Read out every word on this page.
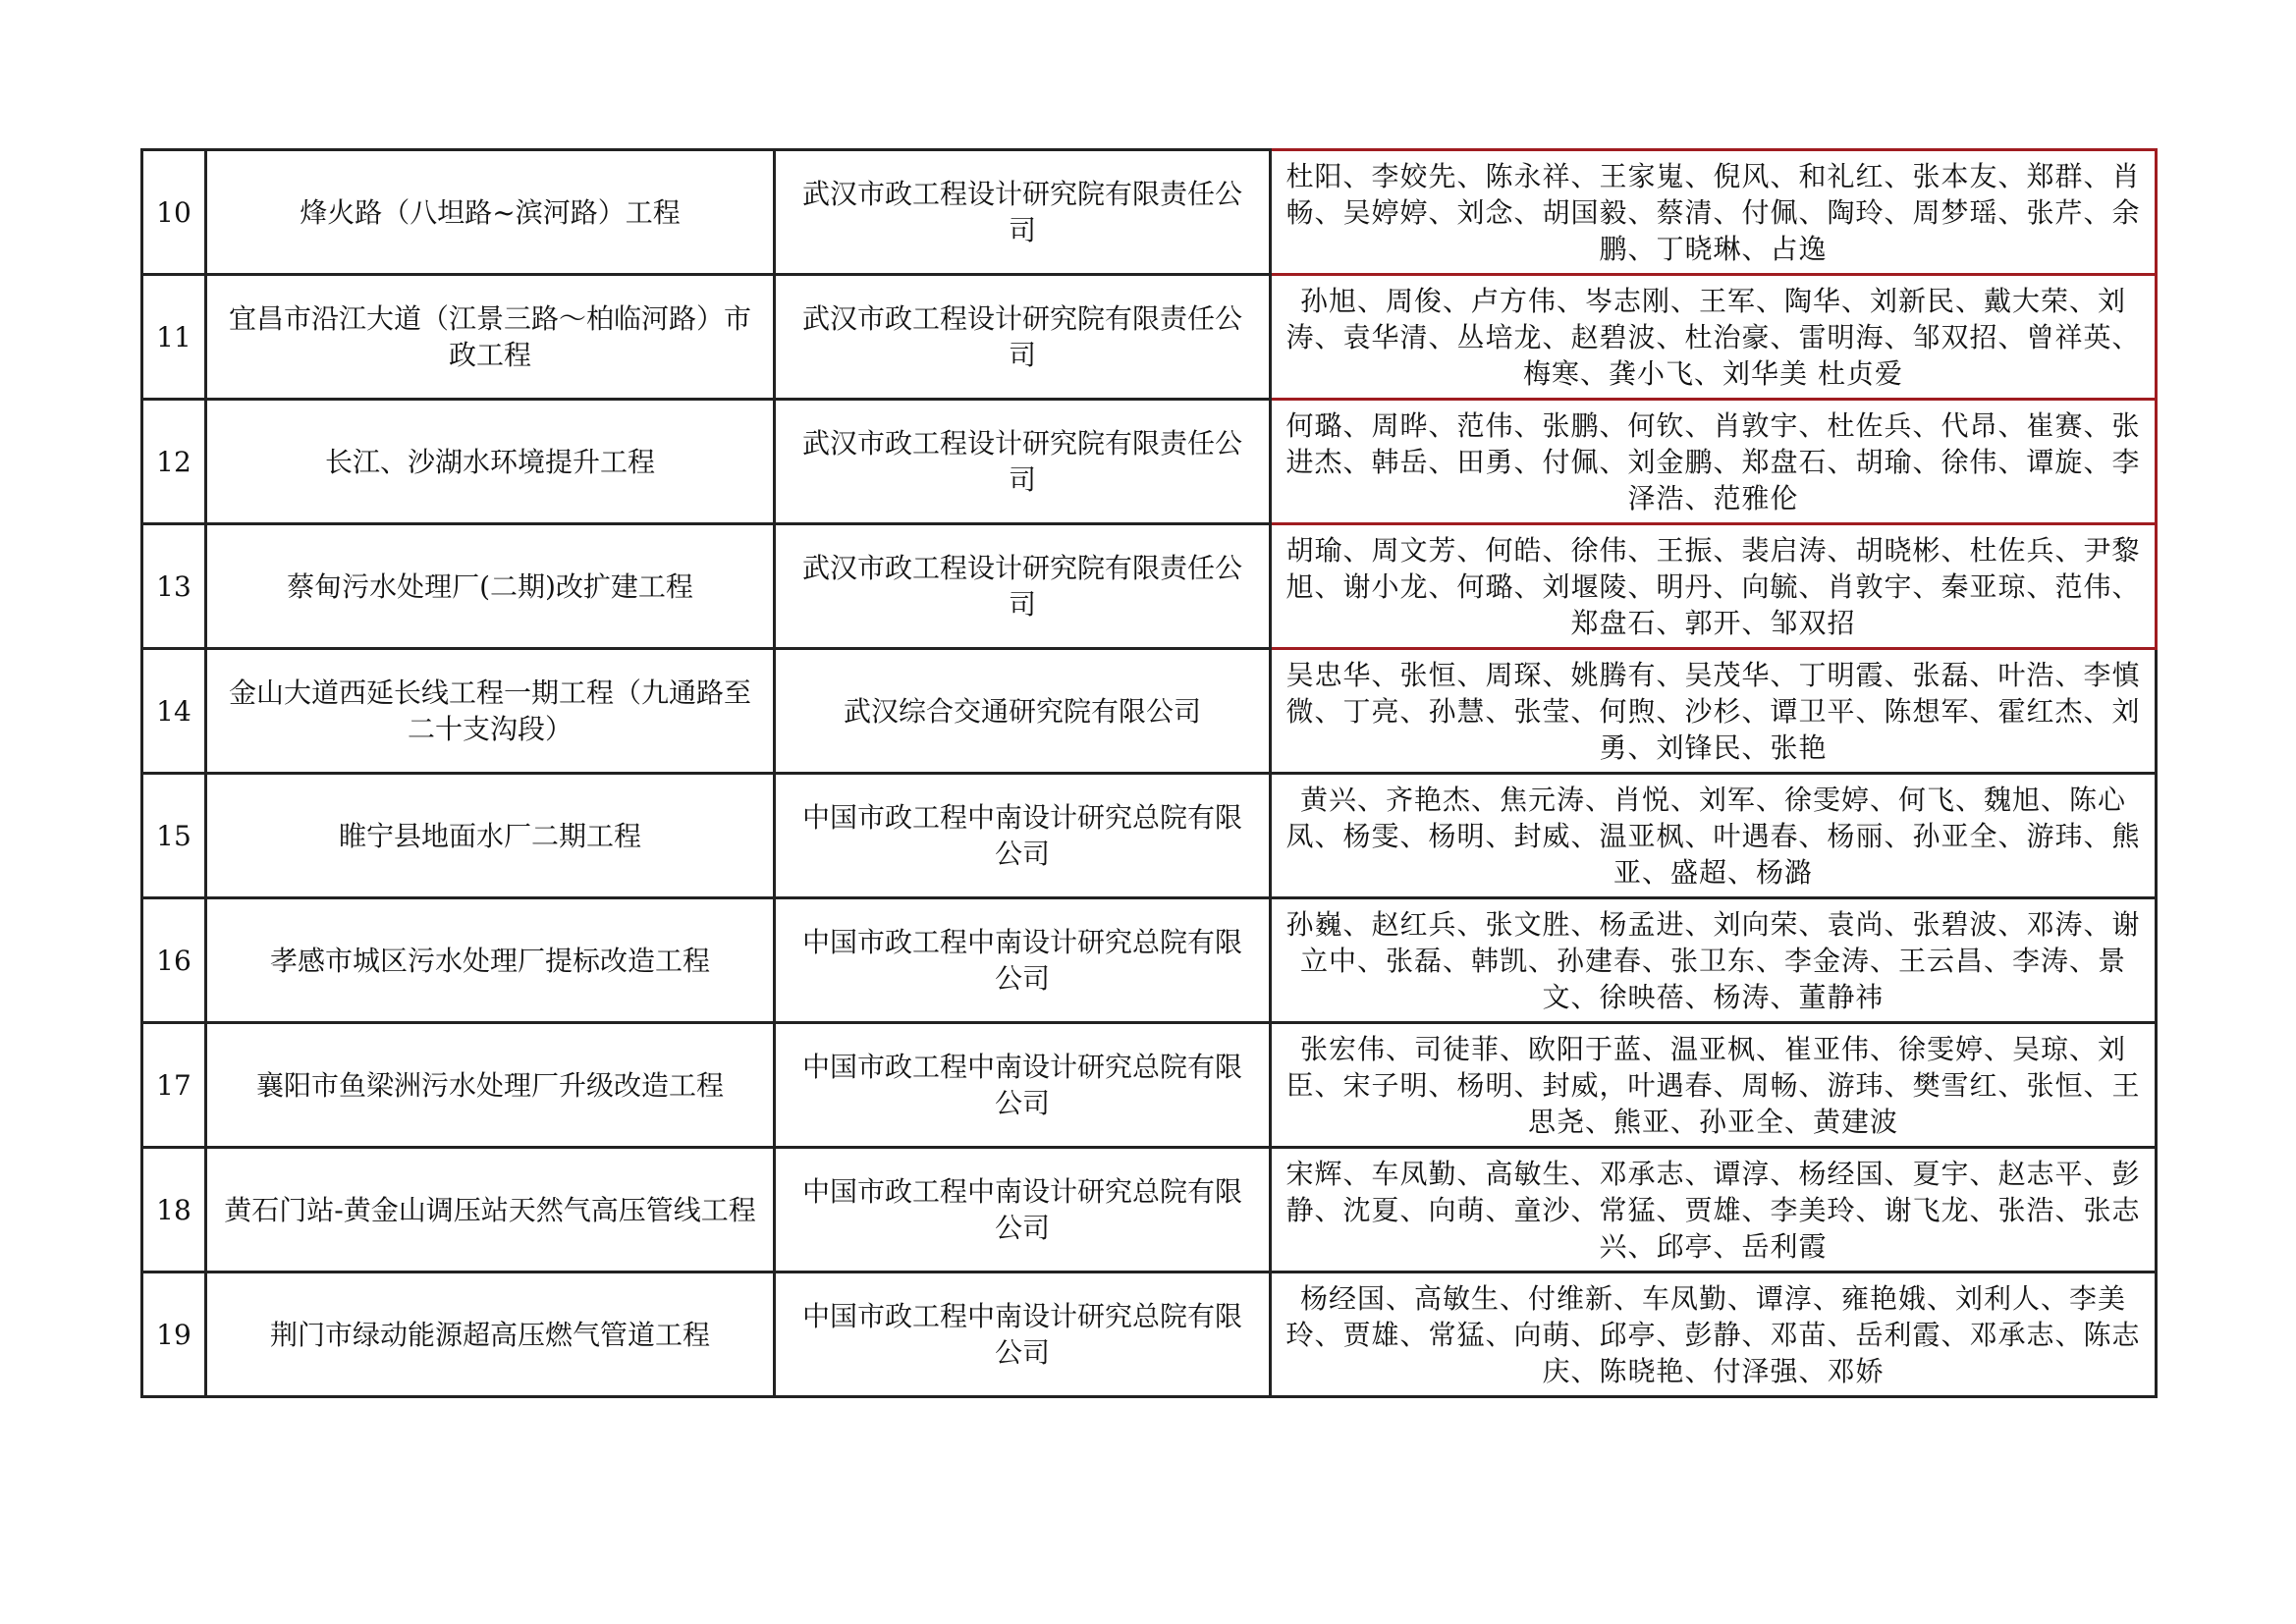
10	烽火路（八坦路~滨河路）工程	武汉市政工程设计研究院有限责任公司	杜阳、李姣先、陈永祥、王家嵬、倪风、和礼红、张本友、郑群、肖畅、吴婷婷、刘念、胡国毅、蔡清、付佩、陶玲、周梦瑶、张芹、余鹏、丁晓琳、占逸
11	宜昌市沿江大道（江景三路～柏临河路）市政工程	武汉市政工程设计研究院有限责任公司	孙旭、周俊、卢方伟、岑志刚、王军、陶华、刘新民、戴大荣、刘涛、袁华清、丛培龙、赵碧波、杜治豪、雷明海、邹双招、曾祥英、梅寒、龚小飞、刘华美 杜贞爱
12	长江、沙湖水环境提升工程	武汉市政工程设计研究院有限责任公司	何璐、周晔、范伟、张鹏、何钦、肖敦宇、杜佐兵、代昂、崔赛、张进杰、韩岳、田勇、付佩、刘金鹏、郑盘石、胡瑜、徐伟、谭旋、李泽浩、范雅伦
13	蔡甸污水处理厂(二期)改扩建工程	武汉市政工程设计研究院有限责任公司	胡瑜、周文芳、何皓、徐伟、王振、裴启涛、胡晓彬、杜佐兵、尹黎旭、谢小龙、何璐、刘堰陵、明丹、向毓、肖敦宇、秦亚琼、范伟、郑盘石、郭开、邹双招
14	金山大道西延长线工程一期工程（九通路至二十支沟段）	武汉综合交通研究院有限公司	吴忠华、张恒、周琛、姚腾有、吴茂华、丁明霞、张磊、叶浩、李慎微、丁亮、孙慧、张莹、何煦、沙杉、谭卫平、陈想军、霍红杰、刘勇、刘锋民、张艳
15	睢宁县地面水厂二期工程	中国市政工程中南设计研究总院有限公司	黄兴、齐艳杰、焦元涛、肖悦、刘军、徐雯婷、何飞、魏旭、陈心凤、杨雯、杨明、封威、温亚枫、叶遇春、杨丽、孙亚全、游玮、熊亚、盛超、杨潞
16	孝感市城区污水处理厂提标改造工程	中国市政工程中南设计研究总院有限公司	孙巍、赵红兵、张文胜、杨孟进、刘向荣、袁尚、张碧波、邓涛、谢立中、张磊、韩凯、孙建春、张卫东、李金涛、王云昌、李涛、景文、徐映蓓、杨涛、董静祎
17	襄阳市鱼梁洲污水处理厂升级改造工程	中国市政工程中南设计研究总院有限公司	张宏伟、司徒菲、欧阳于蓝、温亚枫、崔亚伟、徐雯婷、吴琼、刘臣、宋子明、杨明、封威，叶遇春、周畅、游玮、樊雪红、张恒、王思尧、熊亚、孙亚全、黄建波
18	黄石门站-黄金山调压站天然气高压管线工程	中国市政工程中南设计研究总院有限公司	宋辉、车凤勤、高敏生、邓承志、谭淳、杨经国、夏宇、赵志平、彭静、沈夏、向萌、童沙、常猛、贾雄、李美玲、谢飞龙、张浩、张志兴、邱亭、岳利霞
19	荆门市绿动能源超高压燃气管道工程	中国市政工程中南设计研究总院有限公司	杨经国、高敏生、付维新、车凤勤、谭淳、雍艳娥、刘利人、李美玲、贾雄、常猛、向萌、邱亭、彭静、邓苗、岳利霞、邓承志、陈志庆、陈晓艳、付泽强、邓娇
